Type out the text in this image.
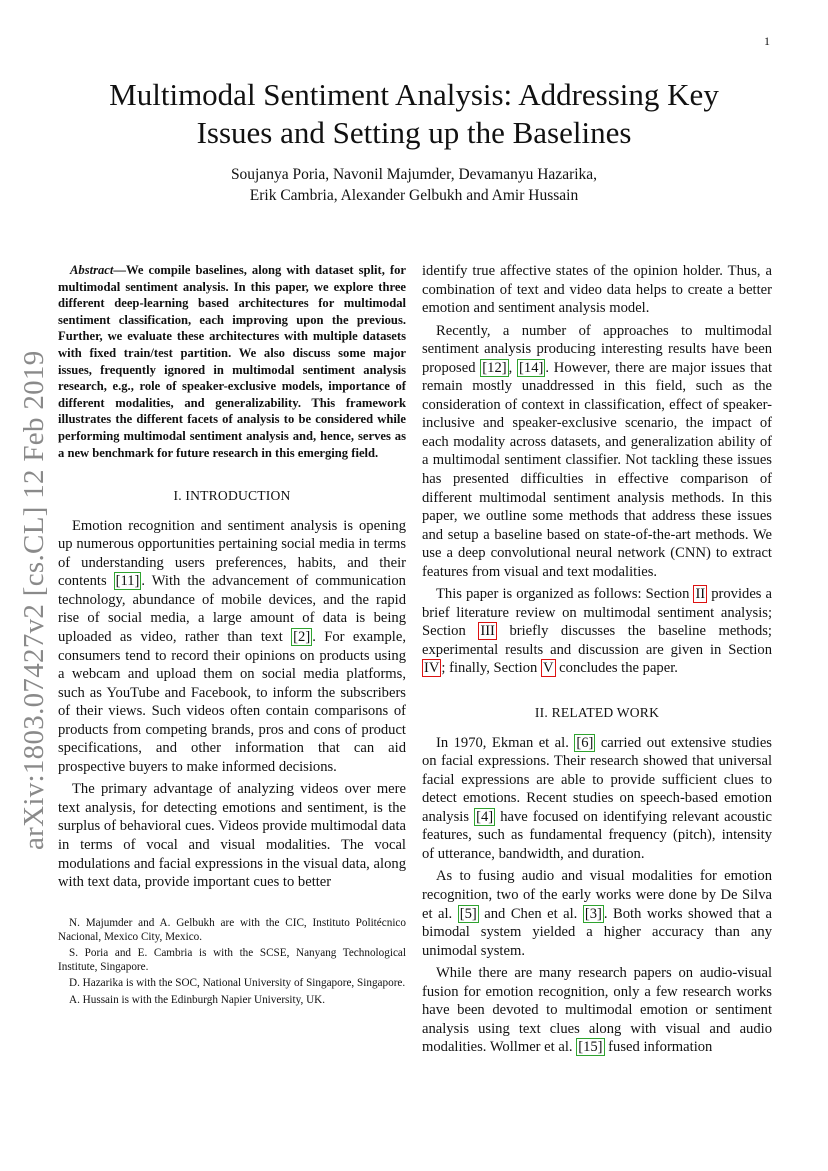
1
arXiv:1803.07427v2 [cs.CL] 12 Feb 2019
Multimodal Sentiment Analysis: Addressing Key
Issues and Setting up the Baselines
Soujanya Poria, Navonil Majumder, Devamanyu Hazarika,
Erik Cambria, Alexander Gelbukh and Amir Hussain

Abstract—We compile baselines, along with dataset split, for multimodal sentiment analysis. In this paper, we explore three different deep-learning based architectures for multimodal sentiment classification, each improving upon the previous. Further, we evaluate these architectures with multiple datasets with fixed train/test partition. We also discuss some major issues, frequently ignored in multimodal sentiment analysis research, e.g., role of speaker-exclusive models, importance of different modalities, and generalizability. This framework illustrates the different facets of analysis to be considered while performing multimodal sentiment analysis and, hence, serves as a new benchmark for future research in this emerging field.

I. INTRODUCTION

Emotion recognition and sentiment analysis is opening up numerous opportunities pertaining social media in terms of understanding users preferences, habits, and their contents [11] . With the advancement of communication technology, abundance of mobile devices, and the rapid rise of social media, a large amount of data is being uploaded as video, rather than text [2] . For example, consumers tend to record their opinions on products using a webcam and upload them on social media platforms, such as YouTube and Facebook, to inform the subscribers of their views. Such videos often contain comparisons of products from competing brands, pros and cons of product specifications, and other information that can aid prospective buyers to make informed decisions.

The primary advantage of analyzing videos over mere text analysis, for detecting emotions and sentiment, is the surplus of behavioral cues. Videos provide multimodal data in terms of vocal and visual modalities. The vocal modulations and facial expressions in the visual data, along with text data, provide important cues to better

N. Majumder and A. Gelbukh are with the CIC, Instituto Politécnico Nacional, Mexico City, Mexico.

S. Poria and E. Cambria is with the SCSE, Nanyang Technological Institute, Singapore.

D. Hazarika is with the SOC, National University of Singapore, Singapore.

A. Hussain is with the Edinburgh Napier University, UK.

identify true affective states of the opinion holder. Thus, a combination of text and video data helps to create a better emotion and sentiment analysis model.

Recently, a number of approaches to multimodal sentiment analysis producing interesting results have been proposed [12] , [14] . However, there are major issues that remain mostly unaddressed in this field, such as the consideration of context in classification, effect of speaker-inclusive and speaker-exclusive scenario, the impact of each modality across datasets, and generalization ability of a multimodal sentiment classifier. Not tackling these issues has presented difficulties in effective comparison of different multimodal sentiment analysis methods. In this paper, we outline some methods that address these issues and setup a baseline based on state-of-the-art methods. We use a deep convolutional neural network (CNN) to extract features from visual and text modalities.

This paper is organized as follows: Section II provides a brief literature review on multimodal sentiment analysis; Section III briefly discusses the baseline methods; experimental results and discussion are given in Section IV ; finally, Section V concludes the paper.

II. RELATED WORK

In 1970, Ekman et al. [6] carried out extensive studies on facial expressions. Their research showed that universal facial expressions are able to provide sufficient clues to detect emotions. Recent studies on speech-based emotion analysis [4] have focused on identifying relevant acoustic features, such as fundamental frequency (pitch), intensity of utterance, bandwidth, and duration.

As to fusing audio and visual modalities for emotion recognition, two of the early works were done by De Silva et al. [5] and Chen et al. [3] . Both works showed that a bimodal system yielded a higher accuracy than any unimodal system.

While there are many research papers on audio-visual fusion for emotion recognition, only a few research works have been devoted to multimodal emotion or sentiment analysis using text clues along with visual and audio modalities. Wollmer et al. [15] fused information
